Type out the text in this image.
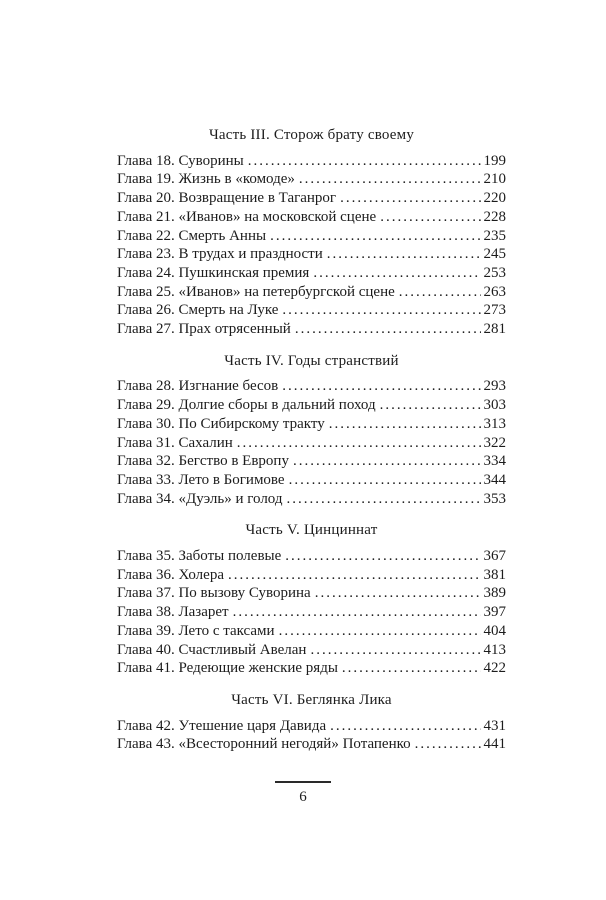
Часть III. Сторож брату своему
Глава 18. Суворины .....	199
Глава 19. Жизнь в «комоде» .....	210
Глава 20. Возвращение в Таганрог .....	220
Глава 21. «Иванов» на московской сцене .....	228
Глава 22. Смерть Анны .....	235
Глава 23. В трудах и праздности .....	245
Глава 24. Пушкинская премия .....	253
Глава 25. «Иванов» на петербургской сцене .....	263
Глава 26. Смерть на Луке .....	273
Глава 27. Прах отрясенный .....	281
Часть IV. Годы странствий
Глава 28. Изгнание бесов .....	293
Глава 29. Долгие сборы в дальний поход .....	303
Глава 30. По Сибирскому тракту .....	313
Глава 31. Сахалин .....	322
Глава 32. Бегство в Европу .....	334
Глава 33. Лето в Богимове .....	344
Глава 34. «Дуэль» и голод .....	353
Часть V. Цинциннат
Глава 35. Заботы полевые .....	367
Глава 36. Холера .....	381
Глава 37. По вызову Суворина .....	389
Глава 38. Лазарет .....	397
Глава 39. Лето с таксами .....	404
Глава 40. Счастливый Авелан .....	413
Глава 41. Редеющие женские ряды .....	422
Часть VI. Беглянка Лика
Глава 42. Утешение царя Давида .....	431
Глава 43. «Всесторонний негодяй» Потапенко .....	441
6
